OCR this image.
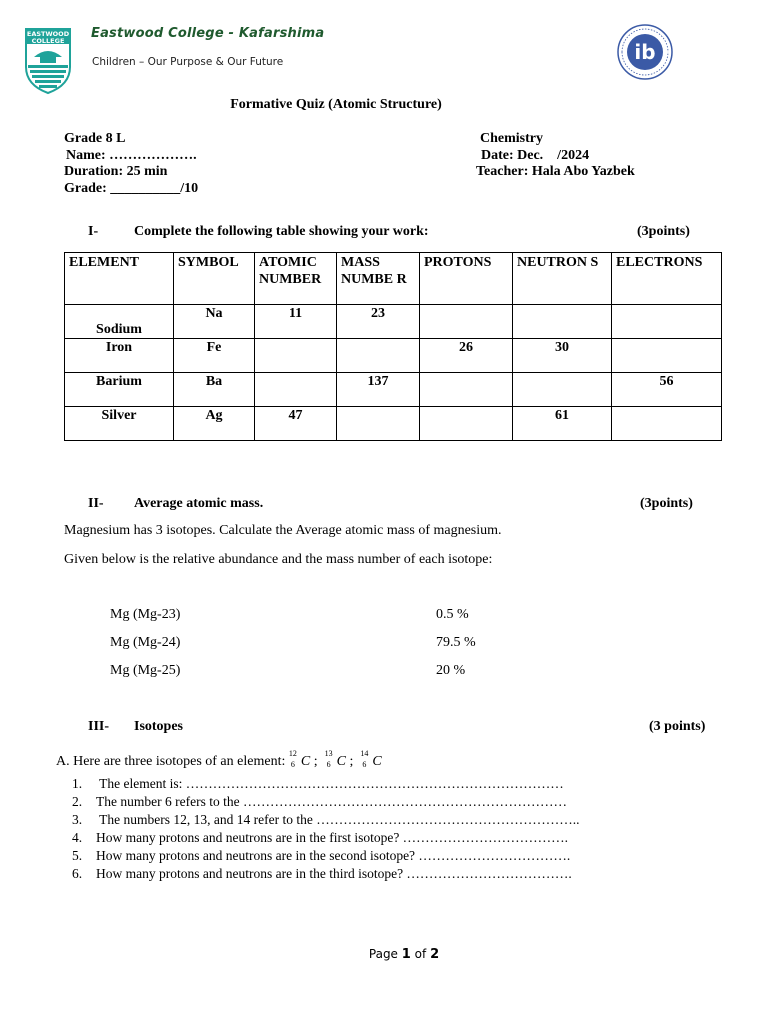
EASTWOOD
COLLEGE Eastwood College - Kafarshima
Children – Our Purpose & Our Future	ib
Formative Quiz (Atomic Structure)
Grade 8 L
Name: ……………….
Duration: 25 min
Grade: __________/10
Chemistry
Date: Dec.    /2024
Teacher: Hala Abo Yazbek
I-	Complete the following table showing your work:	(3points)
ELEMENT	SYMBOL	ATOMIC NUMBER	MASS NUMBE R	PROTONS	NEUTRON S	ELECTRONS
Sodium	Na	11	23			
Iron	Fe			26	30	
Barium	Ba		137			56
Silver	Ag	47			61	
II- Average atomic mass.	(3points)
Magnesium has 3 isotopes. Calculate the Average atomic mass of magnesium.
Given below is the relative abundance and the mass number of each isotope:
Mg (Mg-23)	0.5 %
Mg (Mg-24)	79.5 %
Mg (Mg-25)	20 %
III- Isotopes	(3 points)
A. Here are three isotopes of an element:
12
6 C ;
13
6 C ;
14
6 C
1. The element is: …………………………………………………………………………
2. The number 6 refers to the ………………………………………………………………
3. The numbers 12, 13, and 14 refer to the …………………………………………………..
4. How many protons and neutrons are in the first isotope? ……………………………….
5. How many protons and neutrons are in the second isotope? …………………………….
6. How many protons and neutrons are in the third isotope? ……………………………….
Page 1 of 2
